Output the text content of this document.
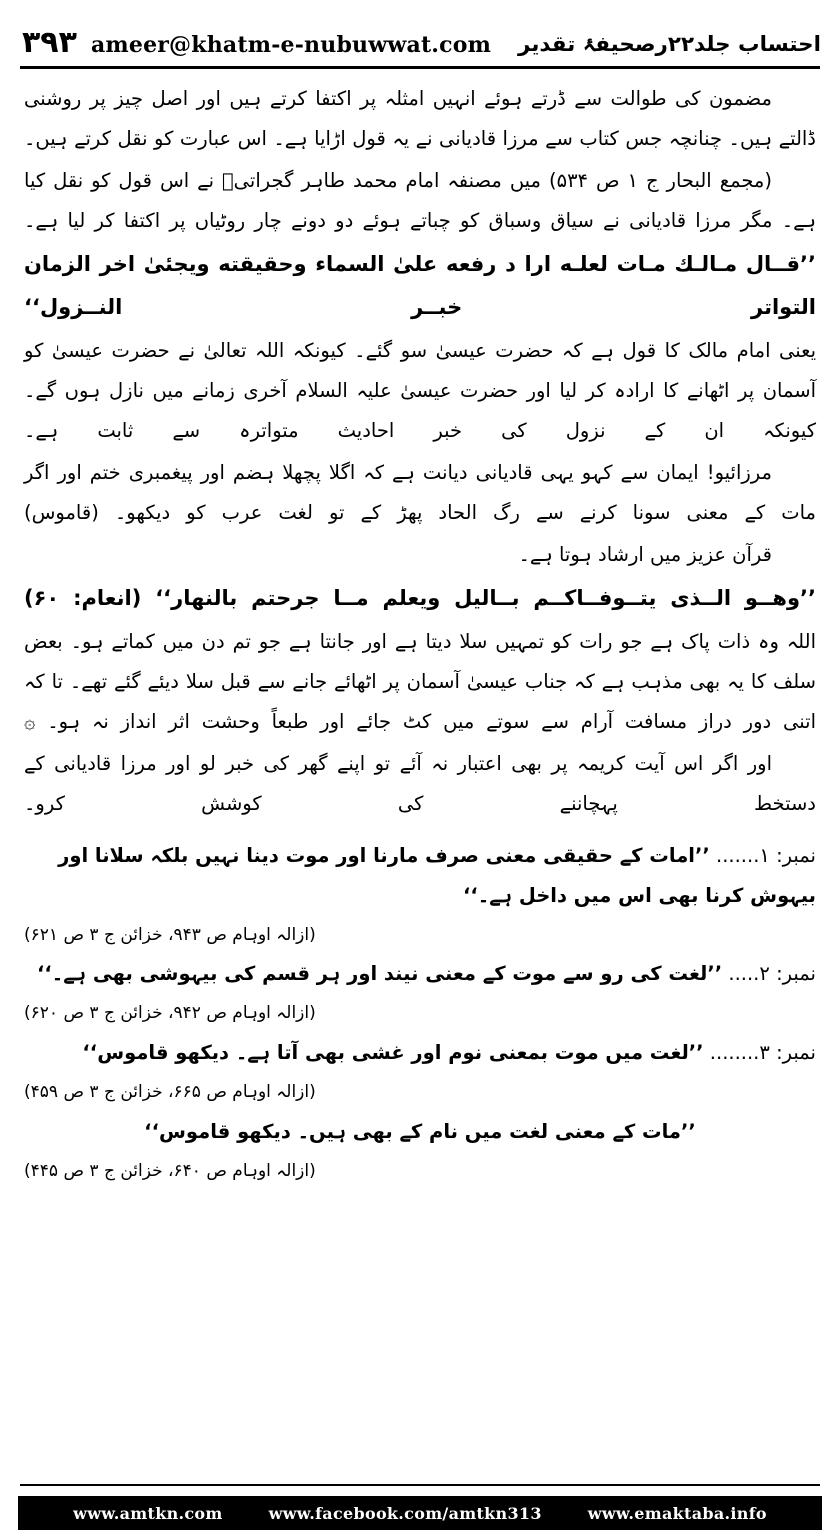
احتساب جلد۲۲رصحیفۂ تقدیر
۳۹۳ ameer@khatm-e-nubuwwat.com

مضمون کی طوالت سے ڈرتے ہوئے انہیں امثلہ پر اکتفا کرتے ہیں اور اصل چیز پر روشنی ڈالتے ہیں۔ چنانچہ جس کتاب سے مرزا قادیانی نے یہ قول اڑایا ہے۔ اس عبارت کو نقل کرتے ہیں۔

(مجمع البحار ج ۱ ص ۵۳۴) میں مصنفہ امام محمد طاہر گجراتیؒ نے اس قول کو نقل کیا ہے۔ مگر مرزا قادیانی نے سیاق وسباق کو چباتے ہوئے دو دونے چار روٹیاں پر اکتفا کر لیا ہے۔

’’قــال مـالـك مـات لعلـه ارا د رفعه علىٰ السماء وحقيقته ويجئىٰ اخر الزمان التواتر خبــر النــزول‘‘

یعنی امام مالک کا قول ہے کہ حضرت عیسیٰ سو گئے۔ کیونکہ اللہ تعالیٰ نے حضرت عیسیٰ کو آسمان پر اٹھانے کا ارادہ کر لیا اور حضرت عیسیٰ علیہ السلام آخری زمانے میں نازل ہوں گے۔ کیونکہ ان کے نزول کی خبر احادیث متواترہ سے ثابت ہے۔

مرزائیو! ایمان سے کہو یہی قادیانی دیانت ہے کہ اگلا پچھلا ہضم اور پیغمبری ختم اور اگر مات کے معنی سونا کرنے سے رگ الحاد پھڑ کے تو لغت عرب کو دیکھو۔ (قاموس)

قرآن عزیز میں ارشاد ہوتا ہے۔

’’وهــو الــذى يتــوفــاكــم بــاليل ويعلم مــا جرحتم بالنهار‘‘ (انعام: ۶۰)

اللہ وہ ذات پاک ہے جو رات کو تمہیں سلا دیتا ہے اور جانتا ہے جو تم دن میں کماتے ہو۔ بعض سلف کا یہ بھی مذہب ہے کہ جناب عیسیٰ آسمان پر اٹھائے جانے سے قبل سلا دیئے گئے تھے۔ تا کہ اتنی دور دراز مسافت آرام سے سوتے میں کٹ جائے اور طبعاً وحشت اثر انداز نہ ہو۔ ۞

اور اگر اس آیت کریمہ پر بھی اعتبار نہ آئے تو اپنے گھر کی خبر لو اور مرزا قادیانی کے دستخط پہچاننے کی کوشش کرو۔

نمبر: ۱....... ’’امات کے حقیقی معنی صرف مارنا اور موت دینا نہیں بلکہ سلانا اور بیہوش کرنا بھی اس میں داخل ہے۔‘‘

(ازالہ اوہام ص ۹۴۳، خزائن ج ۳ ص ۶۲۱)

نمبر: ۲..... ’’لغت کی رو سے موت کے معنی نیند اور ہر قسم کی بیہوشی بھی ہے۔‘‘

(ازالہ اوہام ص ۹۴۲، خزائن ج ۳ ص ۶۲۰)

نمبر: ۳........ ’’لغت میں موت بمعنی نوم اور غشی بھی آتا ہے۔ دیکھو قاموس‘‘

(ازالہ اوہام ص ۶۶۵، خزائن ج ۳ ص ۴۵۹)

’’مات کے معنی لغت میں نام کے بھی ہیں۔ دیکھو قاموس‘‘

(ازالہ اوہام ص ۶۴۰، خزائن ج ۳ ص ۴۴۵)

www.amtkn.com	www.facebook.com/amtkn313	www.emaktaba.info
